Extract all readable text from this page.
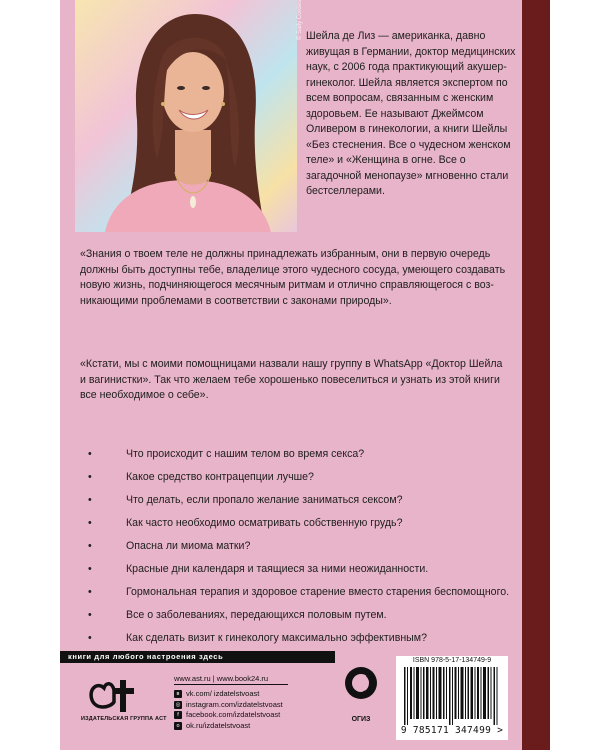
© Sally Cordes Шейла де Лиз — американка, давно живущая в Германии, доктор медицинских наук, с 2006 года практикующий акушер-гинеколог. Шейла является экспертом по всем вопросам, связанным с женским здоровьем. Ее называют Джеймсом Оливером в гинекологии, а книги Шейлы «Без стеснения. Все о чудесном женском теле» и «Женщина в огне. Все о загадочной менопаузе» мгновенно стали бестселлерами.

«Знания о твоем теле не должны принадлежать избранным, они в первую очередь должны быть доступны тебе, владелице этого чудесного сосуда, умеющего создавать новую жизнь, подчиняющегося месячным ритмам и отлично справляющегося с возникающими проблемами в соответствии с законами природы».

«Кстати, мы с моими помощницами назвали нашу группу в WhatsApp «Доктор Шейла и вагинистки». Так что желаем тебе хорошенько повеселиться и узнать из этой книги все необходимое о себе».

•	Что происходит с нашим телом во время секса?
•	Какое средство контрацепции лучше?
•	Что делать, если пропало желание заниматься сексом?
•	Как часто необходимо осматривать собственную грудь?
•	Опасна ли миома матки?
•	Красные дни календаря и таящиеся за ними неожиданности.
•	Гормональная терапия и здоровое старение вместо старения беспомощного.
•	Все о заболеваниях, передающихся половым путем.
•	Как сделать визит к гинекологу максимально эффективным?
книги для любого настроения здесь
ИЗДАТЕЛЬСКАЯ ГРУППА АСТ
www.ast.ru | www.book24.ru
в vk.com/ izdatelstvoast
◎ instagram.com/izdatelstvoast
f facebook.com/izdatelstvoast
о ok.ru/izdatelstvoast
ОГИЗ
ISBN 978-5-17-134749-9
9 785171 347499 >
